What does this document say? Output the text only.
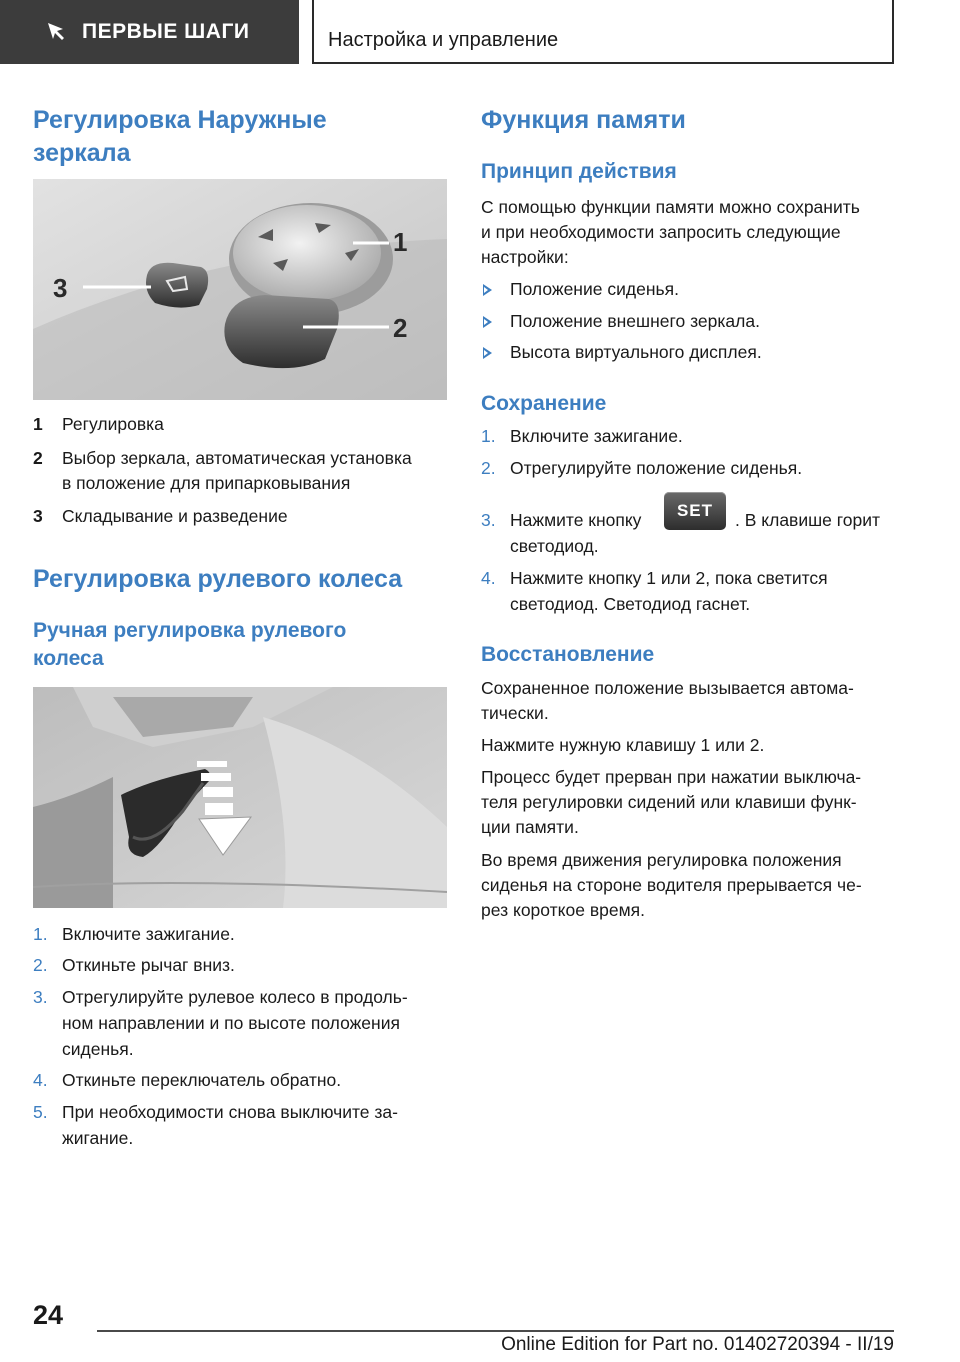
ПЕРВЫЕ ШАГИ	Настройка и управление
Регулировка Наружные
зеркала
1
2
3
1 Регулировка
2 Выбор зеркала, автоматическая установка
в положение для припарковывания
3 Складывание и разведение
Регулировка рулевого колеса
Ручная регулировка рулевого
колеса
1. Включите зажигание.
2. Откиньте рычаг вниз.
3. Отрегулируйте рулевое колесо в продоль-
ном направлении и по высоте положения
сиденья.
4. Откиньте переключатель обратно.
5. При необходимости снова выключите за-
жигание.
Функция памяти
Принцип действия
С помощью функции памяти можно сохранить
и при необходимости запросить следующие
настройки:
Положение сиденья.
Положение внешнего зеркала.
Высота виртуального дисплея.
Сохранение
1. Включите зажигание.
2. Отрегулируйте положение сиденья.
3. Нажмите кнопку	. В клавише горит
светодиод.
SET
4. Нажмите кнопку 1 или 2, пока светится
светодиод. Светодиод гаснет.
Восстановление
Сохраненное положение вызывается автома-
тически.
Нажмите нужную клавишу 1 или 2.
Процесс будет прерван при нажатии выключа-
теля регулировки сидений или клавиши функ-
ции памяти.
Во время движения регулировка положения
сиденья на стороне водителя прерывается че-
рез короткое время.
24
Online Edition for Part no. 01402720394 - II/19
